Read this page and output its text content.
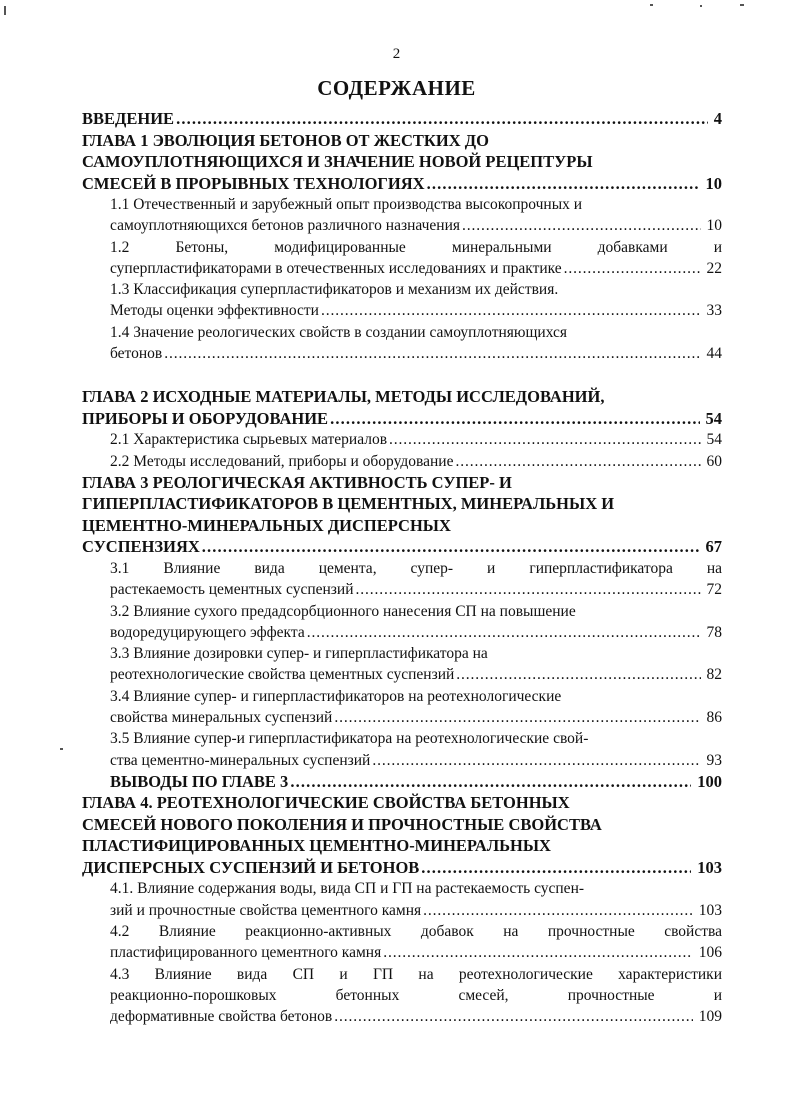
2
СОДЕРЖАНИЕ
ВВЕДЕНИЕ . . .	4
ГЛАВА 1 ЭВОЛЮЦИЯ БЕТОНОВ ОТ ЖЕСТКИХ ДО
САМОУПЛОТНЯЮЩИХСЯ И ЗНАЧЕНИЕ НОВОЙ РЕЦЕПТУРЫ
СМЕСЕЙ В ПРОРЫВНЫХ ТЕХНОЛОГИЯХ . . .	10
1.1 Отечественный и зарубежный опыт производства высокопрочных и
самоуплотняющихся бетонов различного назначения . . .	10
1.2 Бетоны, модифицированные минеральными добавками и
суперпластификаторами в отечественных исследованиях и практике . . .	22
1.3 Классификация суперпластификаторов и механизм их действия.
Методы оценки эффективности . . .	33
1.4 Значение реологических свойств в создании самоуплотняющихся
бетонов . . .	44
ГЛАВА 2 ИСХОДНЫЕ МАТЕРИАЛЫ, МЕТОДЫ ИССЛЕДОВАНИЙ,
ПРИБОРЫ И ОБОРУДОВАНИЕ . . .	54
2.1 Характеристика сырьевых материалов . . .	54
2.2 Методы исследований, приборы и оборудование . . .	60
ГЛАВА 3 РЕОЛОГИЧЕСКАЯ АКТИВНОСТЬ СУПЕР- И
ГИПЕРПЛАСТИФИКАТОРОВ В ЦЕМЕНТНЫХ, МИНЕРАЛЬНЫХ И
ЦЕМЕНТНО-МИНЕРАЛЬНЫХ ДИСПЕРСНЫХ
СУСПЕНЗИЯХ . . .	67
3.1 Влияние вида цемента, супер- и гиперпластификатора на
растекаемость цементных суспензий . . .	72
3.2 Влияние сухого предадсорбционного нанесения СП на повышение
водоредуцирующего эффекта . . .	78
3.3 Влияние дозировки супер- и гиперпластификатора на
реотехнологические свойства цементных суспензий . . .	82
3.4 Влияние супер- и гиперпластификаторов на реотехнологические
свойства минеральных суспензий . . .	86
3.5 Влияние супер-и гиперпластификатора на реотехнологические свой-
ства цементно-минеральных суспензий . . .	93
ВЫВОДЫ ПО ГЛАВЕ 3 . . .	100
ГЛАВА 4. РЕОТЕХНОЛОГИЧЕСКИЕ СВОЙСТВА БЕТОННЫХ
СМЕСЕЙ НОВОГО ПОКОЛЕНИЯ И ПРОЧНОСТНЫЕ СВОЙСТВА
ПЛАСТИФИЦИРОВАННЫХ ЦЕМЕНТНО-МИНЕРАЛЬНЫХ
ДИСПЕРСНЫХ СУСПЕНЗИЙ И БЕТОНОВ . . .	103
4.1. Влияние содержания воды, вида СП и ГП на растекаемость суспен-
зий и прочностные свойства цементного камня . . .	103
4.2 Влияние реакционно-активных добавок на прочностные свойства
пластифицированного цементного камня . . .	106
4.3 Влияние вида СП и ГП на реотехнологические характеристики
реакционно-порошковых бетонных смесей, прочностные и
деформативные свойства бетонов . . .	109
